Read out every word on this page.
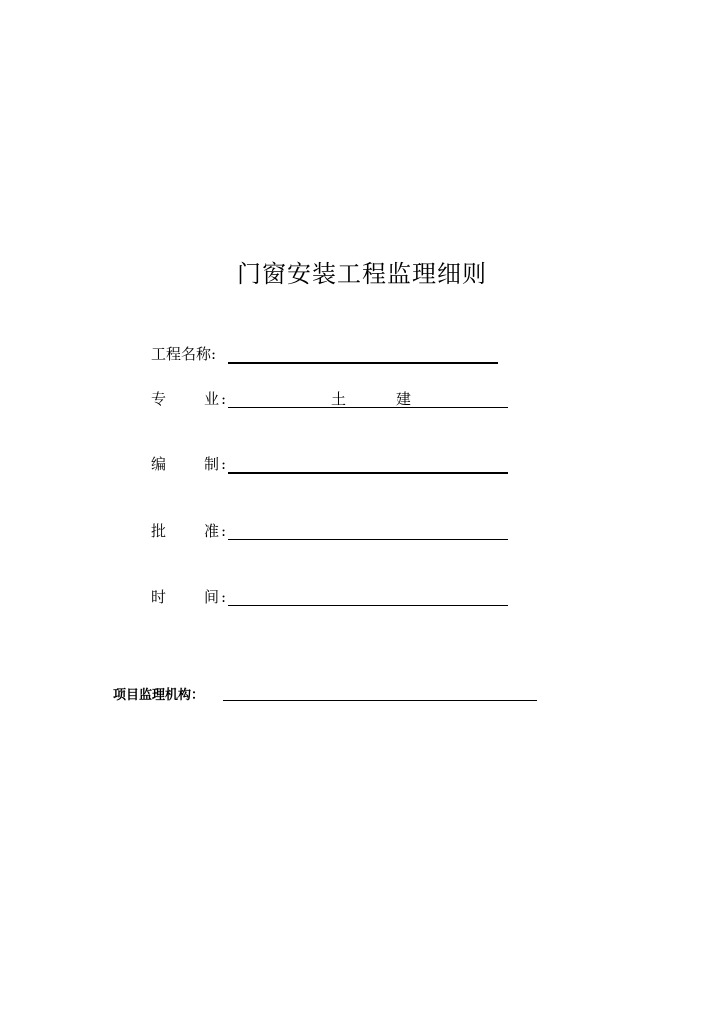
门窗安装工程监理细则
工程名称:
专	业 :	土	建
编	制 :
批	准 :
时	间 :
项目监理机构：
